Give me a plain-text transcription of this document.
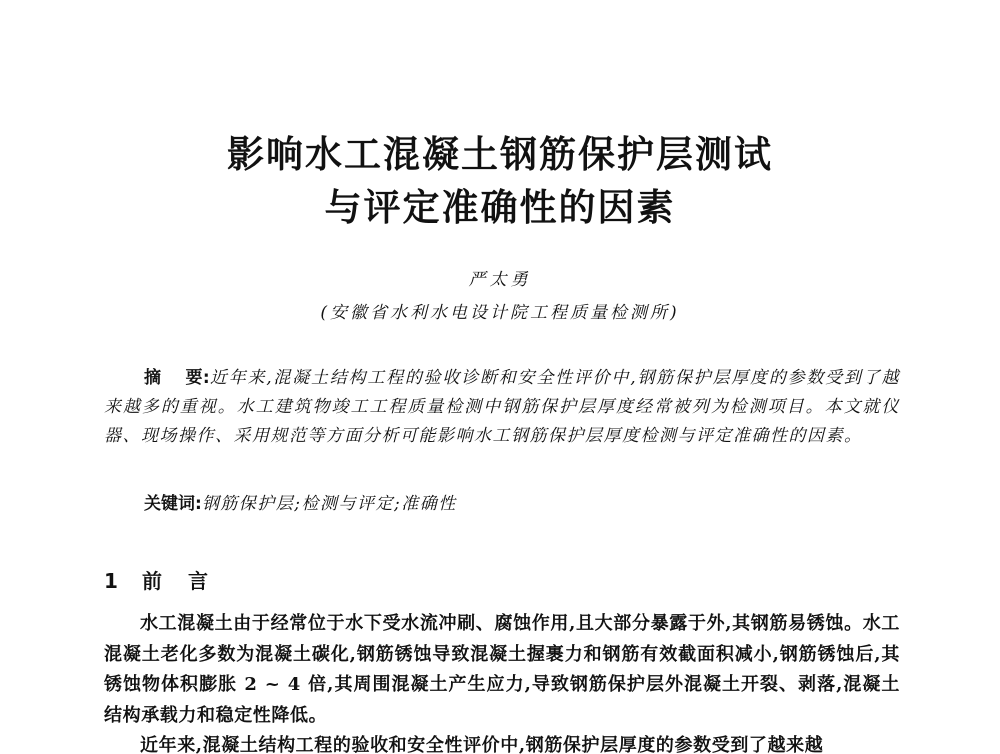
影响水工混凝土钢筋保护层测试
与评定准确性的因素
严太勇
(安徽省水利水电设计院工程质量检测所)
摘 要:近年来,混凝土结构工程的验收诊断和安全性评价中,钢筋保护层厚度的参数受到了越来越多的重视。水工建筑物竣工工程质量检测中钢筋保护层厚度经常被列为检测项目。本文就仪器、现场操作、采用规范等方面分析可能影响水工钢筋保护层厚度检测与评定准确性的因素。
关键词:钢筋保护层;检测与评定;准确性
1 前言

水工混凝土由于经常位于水下受水流冲刷、腐蚀作用,且大部分暴露于外,其钢筋易锈蚀。水工混凝土老化多数为混凝土碳化,钢筋锈蚀导致混凝土握裹力和钢筋有效截面积减小,钢筋锈蚀后,其锈蚀物体积膨胀 2 ~ 4 倍,其周围混凝土产生应力,导致钢筋保护层外混凝土开裂、剥落,混凝土结构承载力和稳定性降低。

近年来,混凝土结构工程的验收和安全性评价中,钢筋保护层厚度的参数受到了越来越
